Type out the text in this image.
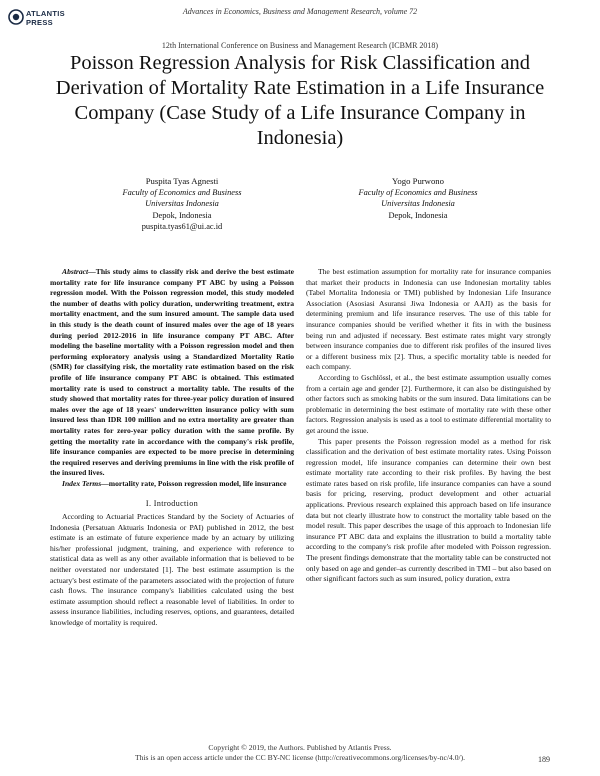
ATLANTIS
PRESS
Advances in Economics, Business and Management Research, volume 72
12th International Conference on Business and Management Research (ICBMR 2018)
Poisson Regression Analysis for Risk Classification and Derivation of Mortality Rate Estimation in a Life Insurance Company (Case Study of a Life Insurance Company in Indonesia)
Puspita Tyas Agnesti
Faculty of Economics and Business
Universitas Indonesia
Depok, Indonesia
puspita.tyas61@ui.ac.id
Yogo Purwono
Faculty of Economics and Business
Universitas Indonesia
Depok, Indonesia
Abstract—This study aims to classify risk and derive the best estimate mortality rate for life insurance company PT ABC by using a Poisson regression model. With the Poisson regression model, this study modeled the number of deaths with policy duration, underwriting treatment, extra mortality enactment, and the sum insured amount. The sample data used in this study is the death count of insured males over the age of 18 years during period 2012-2016 in life insurance company PT ABC. After modeling the baseline mortality with a Poisson regression model and then performing exploratory analysis using a Standardized Mortality Ratio (SMR) for classifying risk, the mortality rate estimation based on the risk profile of life insurance company PT ABC is obtained. This estimated mortality rate is used to construct a mortality table. The results of the study showed that mortality rates for three-year policy duration of insured males over the age of 18 years' underwritten insurance policy with sum insured less than IDR 100 million and no extra mortality are greater than mortality rates for zero-year policy duration with the same profile. By getting the mortality rate in accordance with the company's risk profile, life insurance companies are expected to be more precise in determining the required reserves and deriving premiums in line with the risk profile of the insured lives.
Index Terms—mortality rate, Poisson regression model, life insurance
I. Introduction

According to Actuarial Practices Standard by the Society of Actuaries of Indonesia (Persatuan Aktuaris Indonesia or PAI) published in 2012, the best estimate is an estimate of future experience made by an actuary by utilizing his/her professional judgment, training, and experience with reference to statistical data as well as any other available information that is believed to be neither overstated nor understated [1]. The best estimate assumption is the actuary's best estimate of the parameters associated with the projection of future cash flows. The insurance company's liabilities calculated using the best estimate assumption should reflect a reasonable level of liabilities. In order to assess insurance liabilities, including reserves, options, and guarantees, detailed knowledge of mortality is required.

The best estimation assumption for mortality rate for insurance companies that market their products in Indonesia can use Indonesian mortality tables (Tabel Mortalita Indonesia or TMI) published by Indonesian Life Insurance Association (Asosiasi Asuransi Jiwa Indonesia or AAJI) as the basis for determining premium and life insurance reserves. The use of this table for insurance companies should be verified whether it fits in with the business being run and adjusted if necessary. Best estimate rates might vary strongly between insurance companies due to different risk profiles of the insured lives or a different business mix [2]. Thus, a specific mortality table is needed for each company.

According to Gschlössl, et al., the best estimate assumption usually comes from a certain age and gender [2]. Furthermore, it can also be distinguished by other factors such as smoking habits or the sum insured. Data limitations can be problematic in determining the best estimate of mortality rate with these other factors. Regression analysis is used as a tool to estimate differential mortality to get around the issue.

This paper presents the Poisson regression model as a method for risk classification and the derivation of best estimate mortality rates. Using Poisson regression model, life insurance companies can determine their own best estimate mortality rate according to their risk profiles. By having the best estimate rates based on risk profile, life insurance companies can have a sound basis for pricing, reserving, product development and other actuarial applications. Previous research explained this approach based on life insurance data but not clearly illustrate how to construct the mortality table based on the model result. This paper describes the usage of this approach to Indonesian life insurance PT ABC data and explains the illustration to build a mortality table according to the company's risk profile after modeled with Poisson regression. The present findings demonstrate that the mortality table can be constructed not only based on age and gender–as currently described in TMI – but also based on other significant factors such as sum insured, policy duration, extra

Copyright © 2019, the Authors. Published by Atlantis Press.
This is an open access article under the CC BY-NC license (http://creativecommons.org/licenses/by-nc/4.0/).	189
